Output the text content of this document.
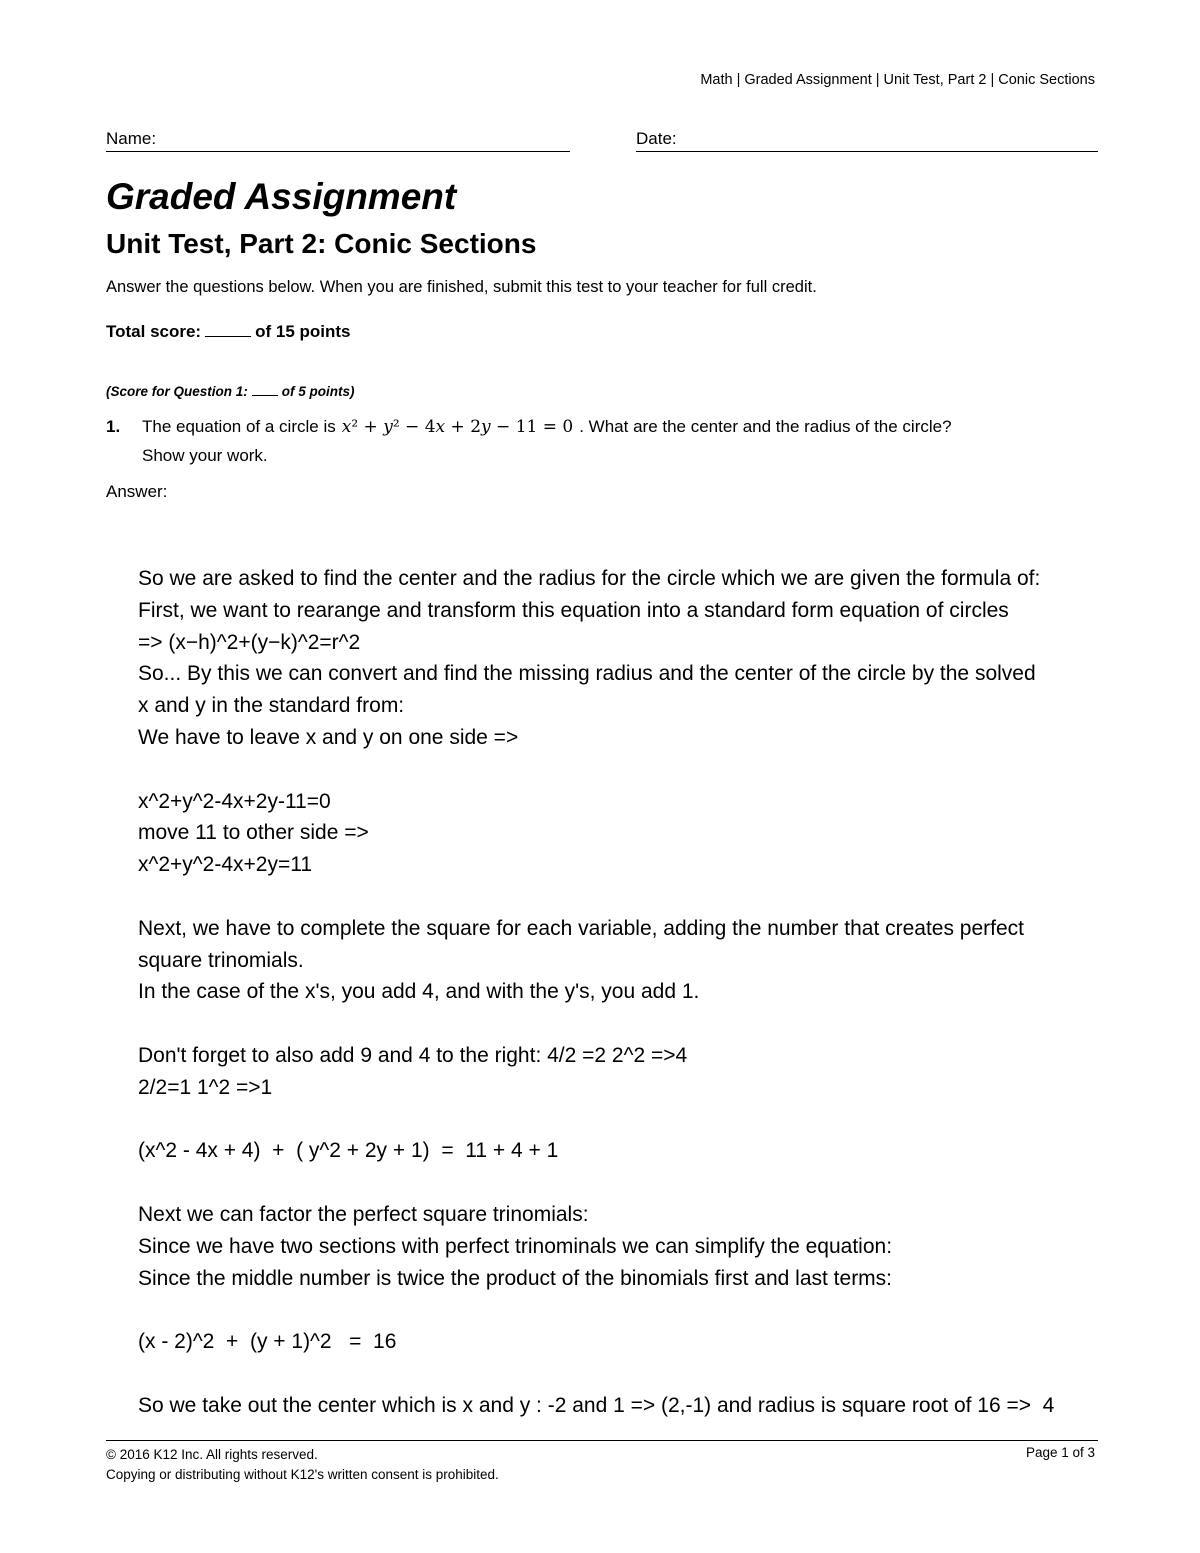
Math | Graded Assignment | Unit Test, Part 2 | Conic Sections
Name:	Date:
Graded Assignment
Unit Test, Part 2: Conic Sections
Answer the questions below. When you are finished, submit this test to your teacher for full credit.
Total score:	of 15 points
(Score for Question 1:	of 5 points)
1. The equation of a circle is x² + y² − 4x + 2y − 11 = 0 . What are the center and the radius of the circle?
Show your work.
Answer:
So we are asked to find the center and the radius for the circle which we are given the formula of:
First, we want to rearange and transform this equation into a standard form equation of circles
=> (x−h)^2+(y−k)^2=r^2
So... By this we can convert and find the missing radius and the center of the circle by the solved
x and y in the standard from:
We have to leave x and y on one side =>
x^2+y^2-4x+2y-11=0
move 11 to other side =>
x^2+y^2-4x+2y=11
Next, we have to complete the square for each variable, adding the number that creates perfect
square trinomials.
In the case of the x's, you add 4, and with the y's, you add 1.
Don't forget to also add 9 and 4 to the right: 4/2 =2 2^2 =>4
2/2=1 1^2 =>1
(x^2 - 4x + 4)  +  ( y^2 + 2y + 1)  =  11 + 4 + 1
Next we can factor the perfect square trinomials:
Since we have two sections with perfect trinominals we can simplify the equation:
Since the middle number is twice the product of the binomials first and last terms:
(x - 2)^2  +  (y + 1)^2   =  16
So we take out the center which is x and y : -2 and 1 => (2,-1) and radius is square root of 16 =>  4
© 2016 K12 Inc. All rights reserved.
Copying or distributing without K12's written consent is prohibited.
Page 1 of 3
